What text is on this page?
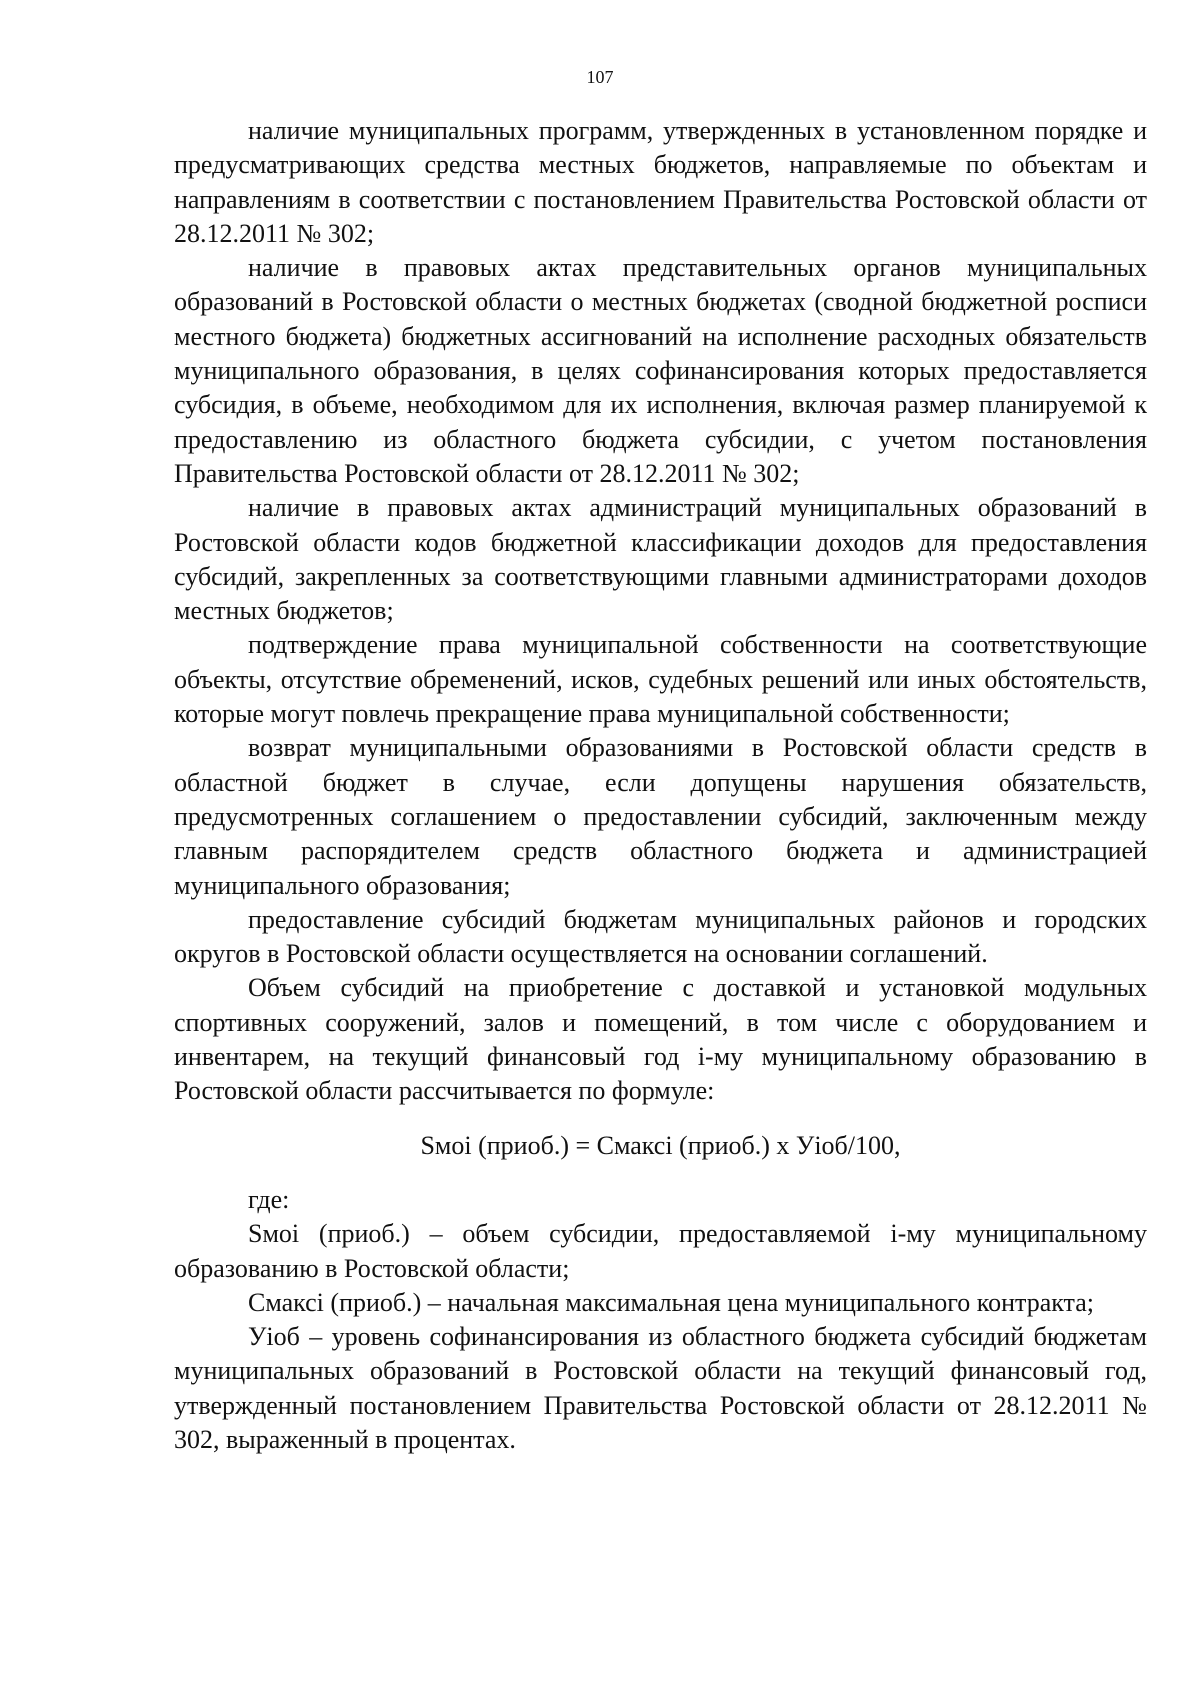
107

наличие муниципальных программ, утвержденных в установленном порядке и предусматривающих средства местных бюджетов, направляемые по объектам и направлениям в соответствии с постановлением Правительства Ростовской области от 28.12.2011 № 302;

наличие в правовых актах представительных органов муниципальных образований в Ростовской области о местных бюджетах (сводной бюджетной росписи местного бюджета) бюджетных ассигнований на исполнение расходных обязательств муниципального образования, в целях софинансирования которых предоставляется субсидия, в объеме, необходимом для их исполнения, включая размер планируемой к предоставлению из областного бюджета субсидии, с учетом постановления Правительства Ростовской области от 28.12.2011 № 302;

наличие в правовых актах администраций муниципальных образований в Ростовской области кодов бюджетной классификации доходов для предоставления субсидий, закрепленных за соответствующими главными администраторами доходов местных бюджетов;

подтверждение права муниципальной собственности на соответствующие объекты, отсутствие обременений, исков, судебных решений или иных обстоятельств, которые могут повлечь прекращение права муниципальной собственности;

возврат муниципальными образованиями в Ростовской области средств в областной бюджет в случае, если допущены нарушения обязательств, предусмотренных соглашением о предоставлении субсидий, заключенным между главным распорядителем средств областного бюджета и администрацией муниципального образования;

предоставление субсидий бюджетам муниципальных районов и городских округов в Ростовской области осуществляется на основании соглашений.

Объем субсидий на приобретение с доставкой и установкой модульных спортивных сооружений, залов и помещений, в том числе с оборудованием и инвентарем, на текущий финансовый год i-му муниципальному образованию в Ростовской области рассчитывается по формуле:

Sмоi (приоб.) = Смаксi (приоб.) x Уioб/100,

где:

Sмоi (приоб.) – объем субсидии, предоставляемой i-му муниципальному образованию в Ростовской области;

Смаксi (приоб.) – начальная максимальная цена муниципального контракта;

Уioб – уровень софинансирования из областного бюджета субсидий бюджетам муниципальных образований в Ростовской области на текущий финансовый год, утвержденный постановлением Правительства Ростовской области от 28.12.2011 № 302, выраженный в процентах.
